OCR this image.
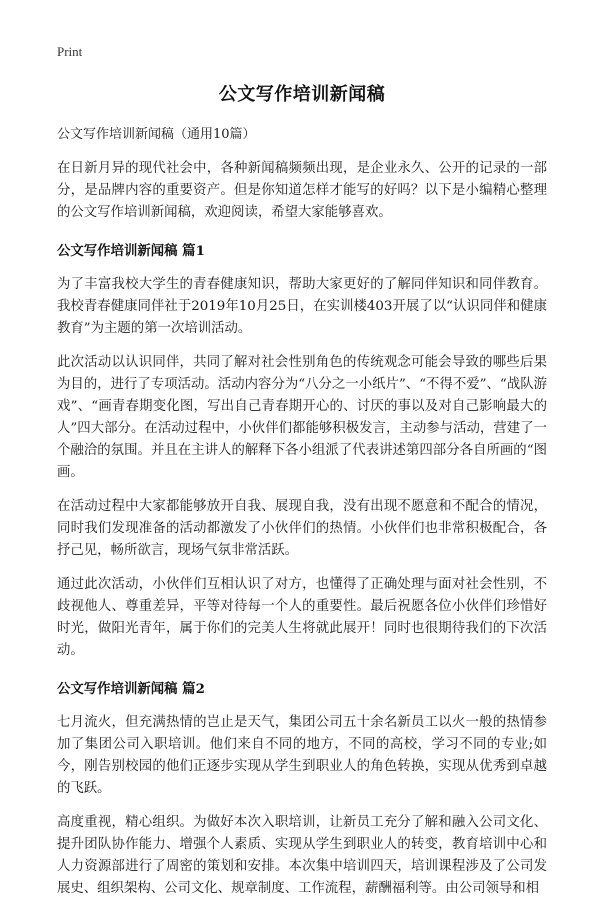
Print
公文写作培训新闻稿
公文写作培训新闻稿（通用10篇）

在日新月异的现代社会中，各种新闻稿频频出现，是企业永久、公开的记录的一部分，是品牌内容的重要资产。但是你知道怎样才能写的好吗？以下是小编精心整理的公文写作培训新闻稿，欢迎阅读，希望大家能够喜欢。

公文写作培训新闻稿 篇1

为了丰富我校大学生的青春健康知识，帮助大家更好的了解同伴知识和同伴教育。我校青春健康同伴社于2019年10月25日，在实训楼403开展了以“认识同伴和健康教育”为主题的第一次培训活动。

此次活动以认识同伴，共同了解对社会性别角色的传统观念可能会导致的哪些后果为目的，进行了专项活动。活动内容分为“八分之一小纸片”、“不得不爱”、“战队游戏”、“画青春期变化图，写出自己青春期开心的、讨厌的事以及对自己影响最大的人”四大部分。在活动过程中，小伙伴们都能够积极发言，主动参与活动，营建了一个融洽的氛围。并且在主讲人的解释下各小组派了代表讲述第四部分各自所画的“图画。

在活动过程中大家都能够放开自我、展现自我，没有出现不愿意和不配合的情况，同时我们发现准备的活动都激发了小伙伴们的热情。小伙伴们也非常积极配合，各抒己见，畅所欲言，现场气氛非常活跃。

通过此次活动，小伙伴们互相认识了对方，也懂得了正确处理与面对社会性别，不歧视他人、尊重差异，平等对待每一个人的重要性。最后祝愿各位小伙伴们珍惜好时光，做阳光青年，属于你们的完美人生将就此展开！同时也很期待我们的下次活动。

公文写作培训新闻稿 篇2

七月流火，但充满热情的岂止是天气，集团公司五十余名新员工以火一般的热情参加了集团公司入职培训。他们来自不同的地方，不同的高校，学习不同的专业;如今，刚告别校园的他们正逐步实现从学生到职业人的角色转换，实现从优秀到卓越的飞跃。

高度重视，精心组织。为做好本次入职培训，让新员工充分了解和融入公司文化、提升团队协作能力、增强个人素质、实现从学生到职业人的转变，教育培训中心和人力资源部进行了周密的策划和安排。本次集中培训四天，培训课程涉及了公司发展史、组织架构、公司文化、规章制度、工作流程，薪酬福利等。由公司领导和相
